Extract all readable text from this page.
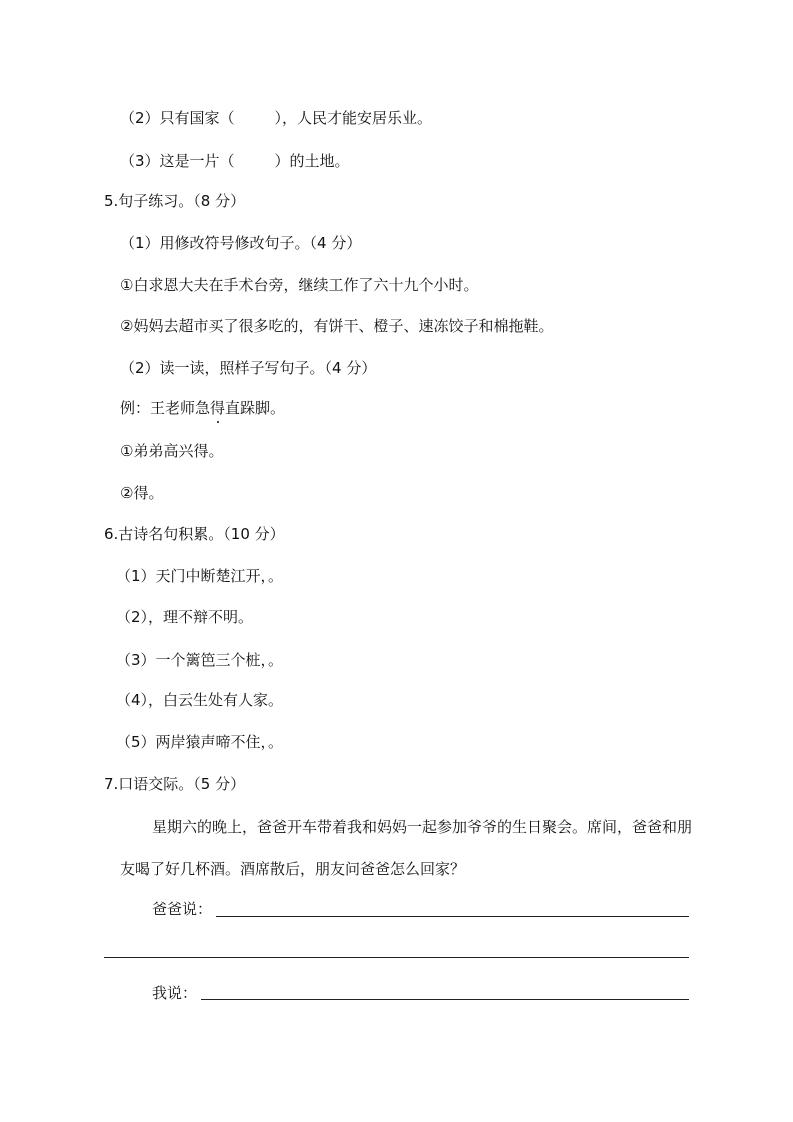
（2）只有国家（	），人民才能安居乐业。
（3）这是一片（	）的土地。
5.句子练习。（8 分）
（1）用修改符号修改句子。（4 分）
①白求恩大夫在手术台旁，继续工作了六十九个小时。
②妈妈去超市买了很多吃的，有饼干、橙子、速冻饺子和棉拖鞋。
（2）读一读，照样子写句子。（4 分）
例：王老师急得直跺脚。
①弟弟高兴得。
②得。
6.古诗名句积累。（10 分）
（1）天门中断楚江开，。
（2），理不辩不明。
（3）一个篱笆三个桩，。
（4），白云生处有人家。
（5）两岸猿声啼不住，。
7.口语交际。（5 分）
星期六的晚上，爸爸开车带着我和妈妈一起参加爷爷的生日聚会。席间，爸爸和朋
友喝了好几杯酒。酒席散后，朋友问爸爸怎么回家？
爸爸说：
我说：
